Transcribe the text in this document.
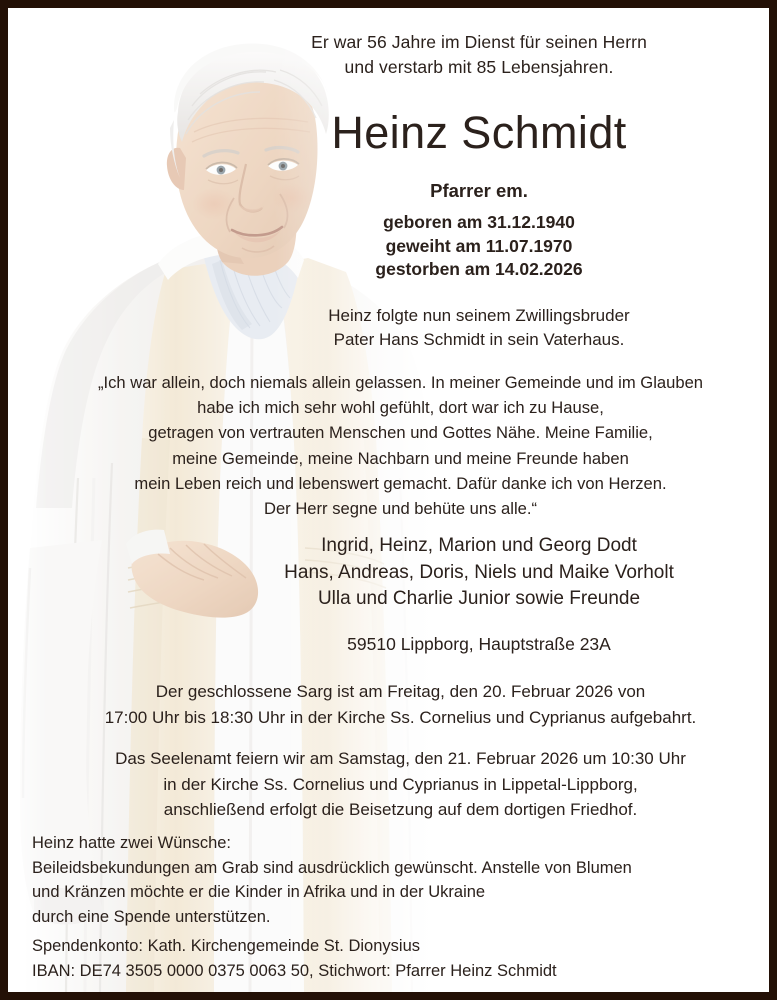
Er war 56 Jahre im Dienst für seinen Herrn
und verstarb mit 85 Lebensjahren.
Heinz Schmidt
Pfarrer em.
geboren am 31.12.1940
geweiht am 11.07.1970
gestorben am 14.02.2026
Heinz folgte nun seinem Zwillingsbruder
Pater Hans Schmidt in sein Vaterhaus.
„Ich war allein, doch niemals allein gelassen. In meiner Gemeinde und im Glauben
habe ich mich sehr wohl gefühlt, dort war ich zu Hause,
getragen von vertrauten Menschen und Gottes Nähe. Meine Familie,
meine Gemeinde, meine Nachbarn und meine Freunde haben
mein Leben reich und lebenswert gemacht. Dafür danke ich von Herzen.
Der Herr segne und behüte uns alle.“
Ingrid, Heinz, Marion und Georg Dodt
Hans, Andreas, Doris, Niels und Maike Vorholt
Ulla und Charlie Junior sowie Freunde
59510 Lippborg, Hauptstraße 23A
Der geschlossene Sarg ist am Freitag, den 20. Februar 2026 von
17:00 Uhr bis 18:30 Uhr in der Kirche Ss. Cornelius und Cyprianus aufgebahrt.
Das Seelenamt feiern wir am Samstag, den 21. Februar 2026 um 10:30 Uhr
in der Kirche Ss. Cornelius und Cyprianus in Lippetal-Lippborg,
anschließend erfolgt die Beisetzung auf dem dortigen Friedhof.
Heinz hatte zwei Wünsche:
Beileidsbekundungen am Grab sind ausdrücklich gewünscht. Anstelle von Blumen
und Kränzen möchte er die Kinder in Afrika und in der Ukraine
durch eine Spende unterstützen.
Spendenkonto: Kath. Kirchengemeinde St. Dionysius
IBAN: DE74 3505 0000 0375 0063 50, Stichwort: Pfarrer Heinz Schmidt
